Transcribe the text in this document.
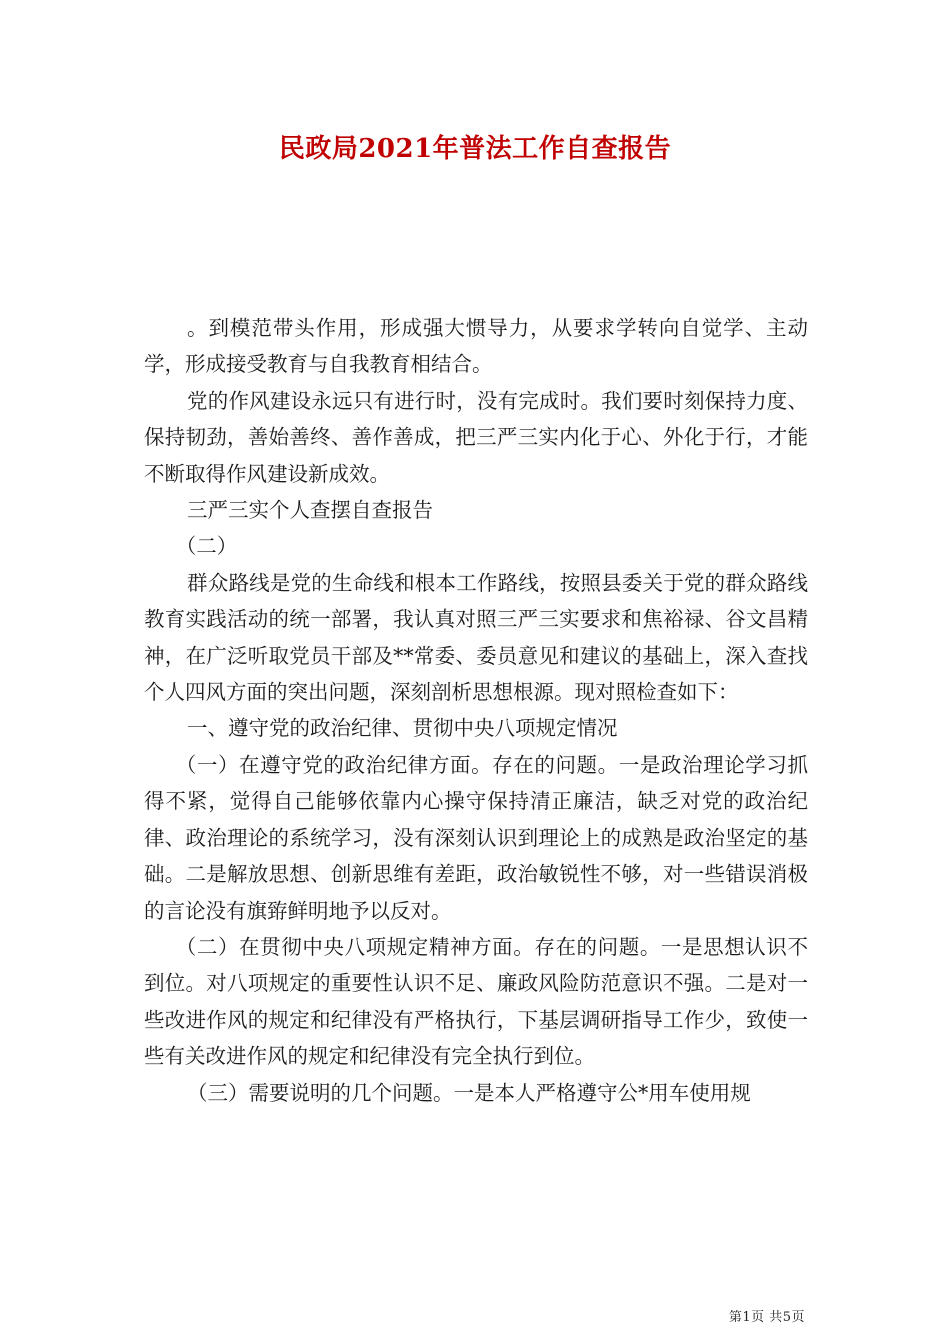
民政局2021年普法工作自查报告

。到模范带头作用，形成强大惯导力，从要求学转向自觉学、主动学，形成接受教育与自我教育相结合。

党的作风建设永远只有进行时，没有完成时。我们要时刻保持力度、保持韧劲，善始善终、善作善成，把三严三实内化于心、外化于行，才能不断取得作风建设新成效。

三严三实个人查摆自查报告

（二）

群众路线是党的生命线和根本工作路线，按照县委关于党的群众路线教育实践活动的统一部署，我认真对照三严三实要求和焦裕禄、谷文昌精神，在广泛听取党员干部及**常委、委员意见和建议的基础上，深入查找个人四风方面的突出问题，深刻剖析思想根源。现对照检查如下：

一、遵守党的政治纪律、贯彻中央八项规定情况

（一）在遵守党的政治纪律方面。存在的问题。一是政治理论学习抓得不紧，觉得自己能够依靠内心操守保持清正廉洁，缺乏对党的政治纪律、政治理论的系统学习，没有深刻认识到理论上的成熟是政治坚定的基础。二是解放思想、创新思维有差距，政治敏锐性不够，对一些错误消极的言论没有旗臶鲜明地予以反对。

（二）在贯彻中央八项规定精神方面。存在的问题。一是思想认识不到位。对八项规定的重要性认识不足、廉政风险防范意识不强。二是对一些改进作风的规定和纪律没有严格执行，下基层调研指导工作少，致使一些有关改进作风的规定和纪律没有完全执行到位。

（三）需要说明的几个问题。一是本人严格遵守公*用车使用规

第1页 共5页
